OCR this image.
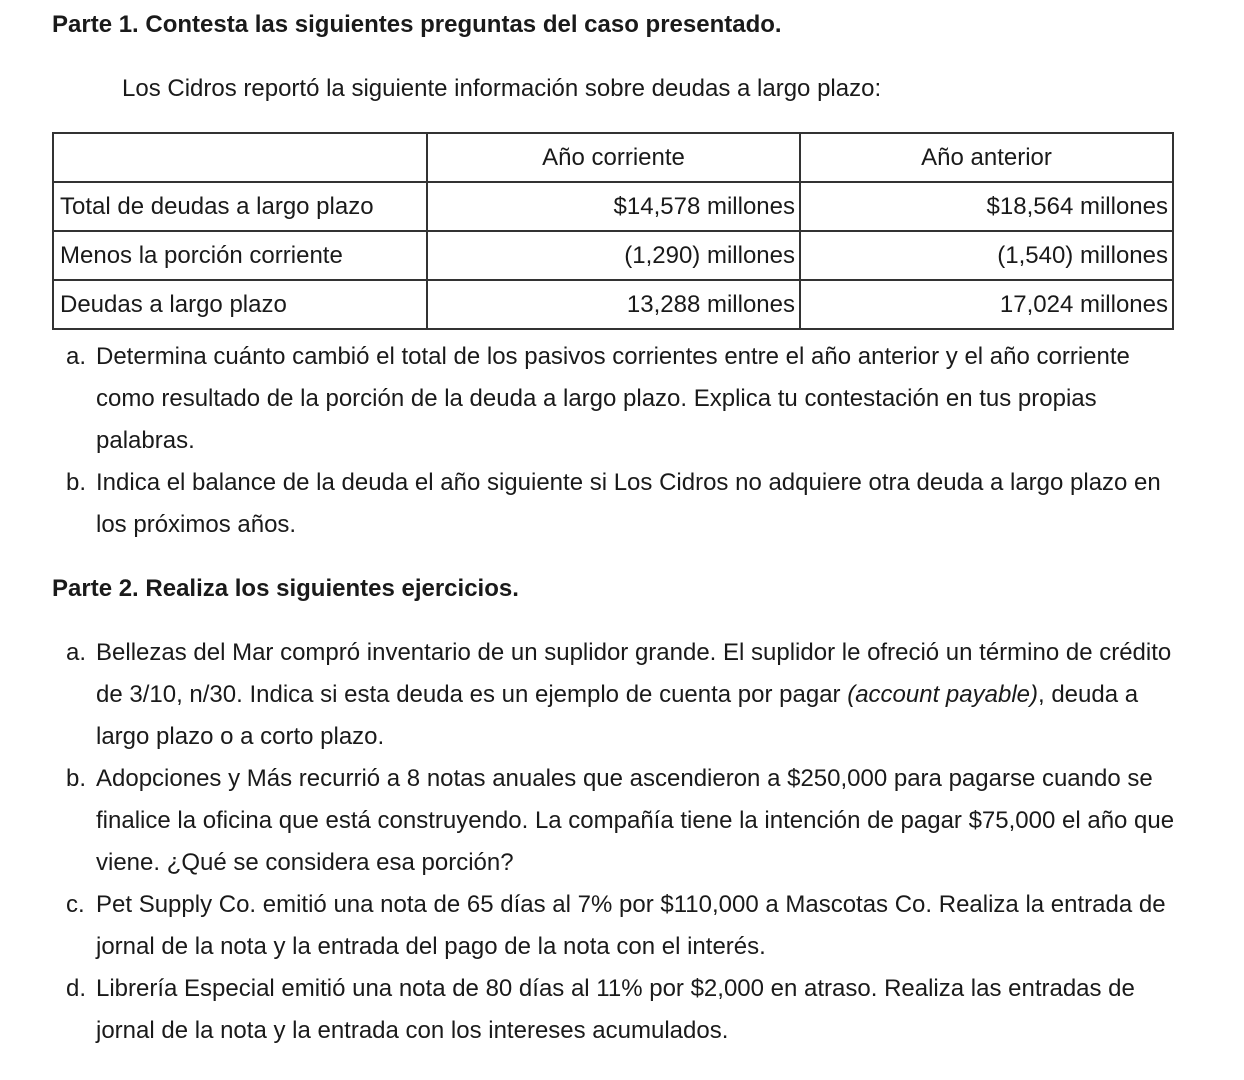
Parte 1. Contesta las siguientes preguntas del caso presentado.
Los Cidros reportó la siguiente información sobre deudas a largo plazo:
	Año corriente	Año anterior
Total de deudas a largo plazo	$14,578 millones	$18,564 millones
Menos la porción corriente	(1,290) millones	(1,540) millones
Deudas a largo plazo	13,288 millones	17,024 millones
a. Determina cuánto cambió el total de los pasivos corrientes entre el año anterior y el año corriente como resultado de la porción de la deuda a largo plazo. Explica tu contestación en tus propias palabras.
b. Indica el balance de la deuda el año siguiente si Los Cidros no adquiere otra deuda a largo plazo en los próximos años.
Parte 2. Realiza los siguientes ejercicios.
a. Bellezas del Mar compró inventario de un suplidor grande. El suplidor le ofreció un término de crédito de 3/10, n/30. Indica si esta deuda es un ejemplo de cuenta por pagar (account payable), deuda a largo plazo o a corto plazo.
b. Adopciones y Más recurrió a 8 notas anuales que ascendieron a $250,000 para pagarse cuando se finalice la oficina que está construyendo. La compañía tiene la intención de pagar $75,000 el año que viene. ¿Qué se considera esa porción?
c. Pet Supply Co. emitió una nota de 65 días al 7% por $110,000 a Mascotas Co. Realiza la entrada de jornal de la nota y la entrada del pago de la nota con el interés.
d. Librería Especial emitió una nota de 80 días al 11% por $2,000 en atraso. Realiza las entradas de jornal de la nota y la entrada con los intereses acumulados.
